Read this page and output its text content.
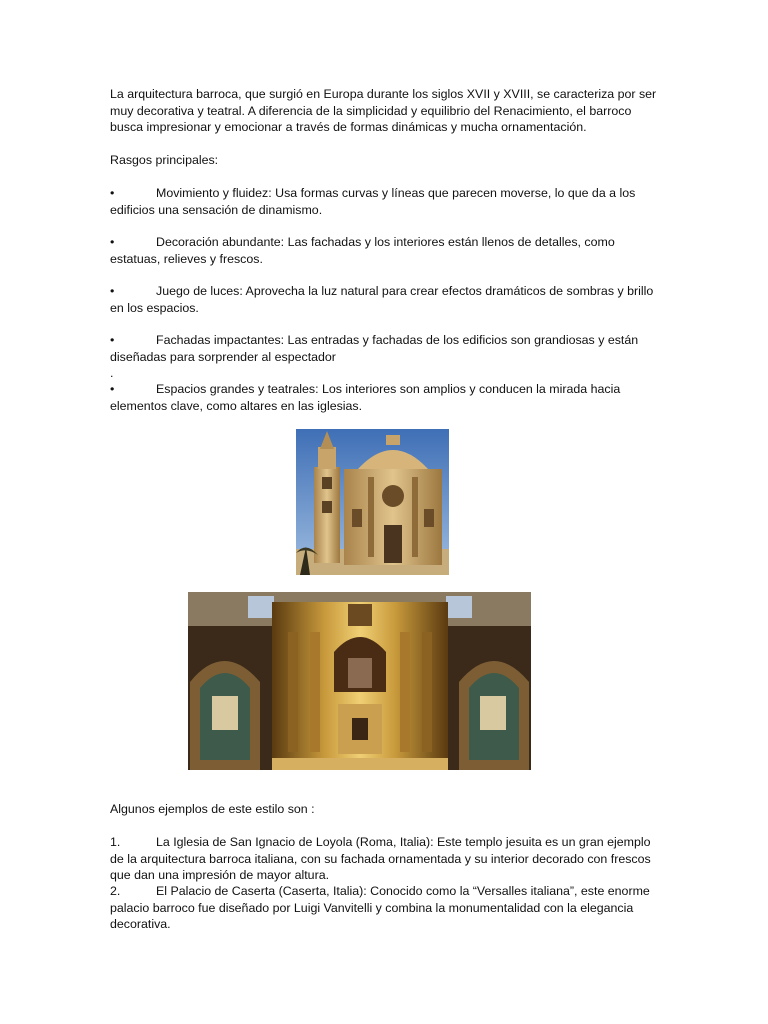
La arquitectura barroca, que surgió en Europa durante los siglos XVII y XVIII, se caracteriza por ser muy decorativa y teatral. A diferencia de la simplicidad y equilibrio del Renacimiento, el barroco busca impresionar y emocionar a través de formas dinámicas y mucha ornamentación.

Rasgos principales:

•	Movimiento y fluidez: Usa formas curvas y líneas que parecen moverse, lo que da a los edificios una sensación de dinamismo.

•	Decoración abundante: Las fachadas y los interiores están llenos de detalles, como estatuas, relieves y frescos.

•	Juego de luces: Aprovecha la luz natural para crear efectos dramáticos de sombras y brillo en los espacios.

•	Fachadas impactantes: Las entradas y fachadas de los edificios son grandiosas y están diseñadas para sorprender al espectador

.
•	Espacios grandes y teatrales: Los interiores son amplios y conducen la mirada hacia elementos clave, como altares en las iglesias.

Algunos ejemplos de este estilo son :

1.	La Iglesia de San Ignacio de Loyola (Roma, Italia): Este templo jesuita es un gran ejemplo de la arquitectura barroca italiana, con su fachada ornamentada y su interior decorado con frescos que dan una impresión de mayor altura.

2.	El Palacio de Caserta (Caserta, Italia): Conocido como la “Versalles italiana”, este enorme palacio barroco fue diseñado por Luigi Vanvitelli y combina la monumentalidad con la elegancia decorativa.
